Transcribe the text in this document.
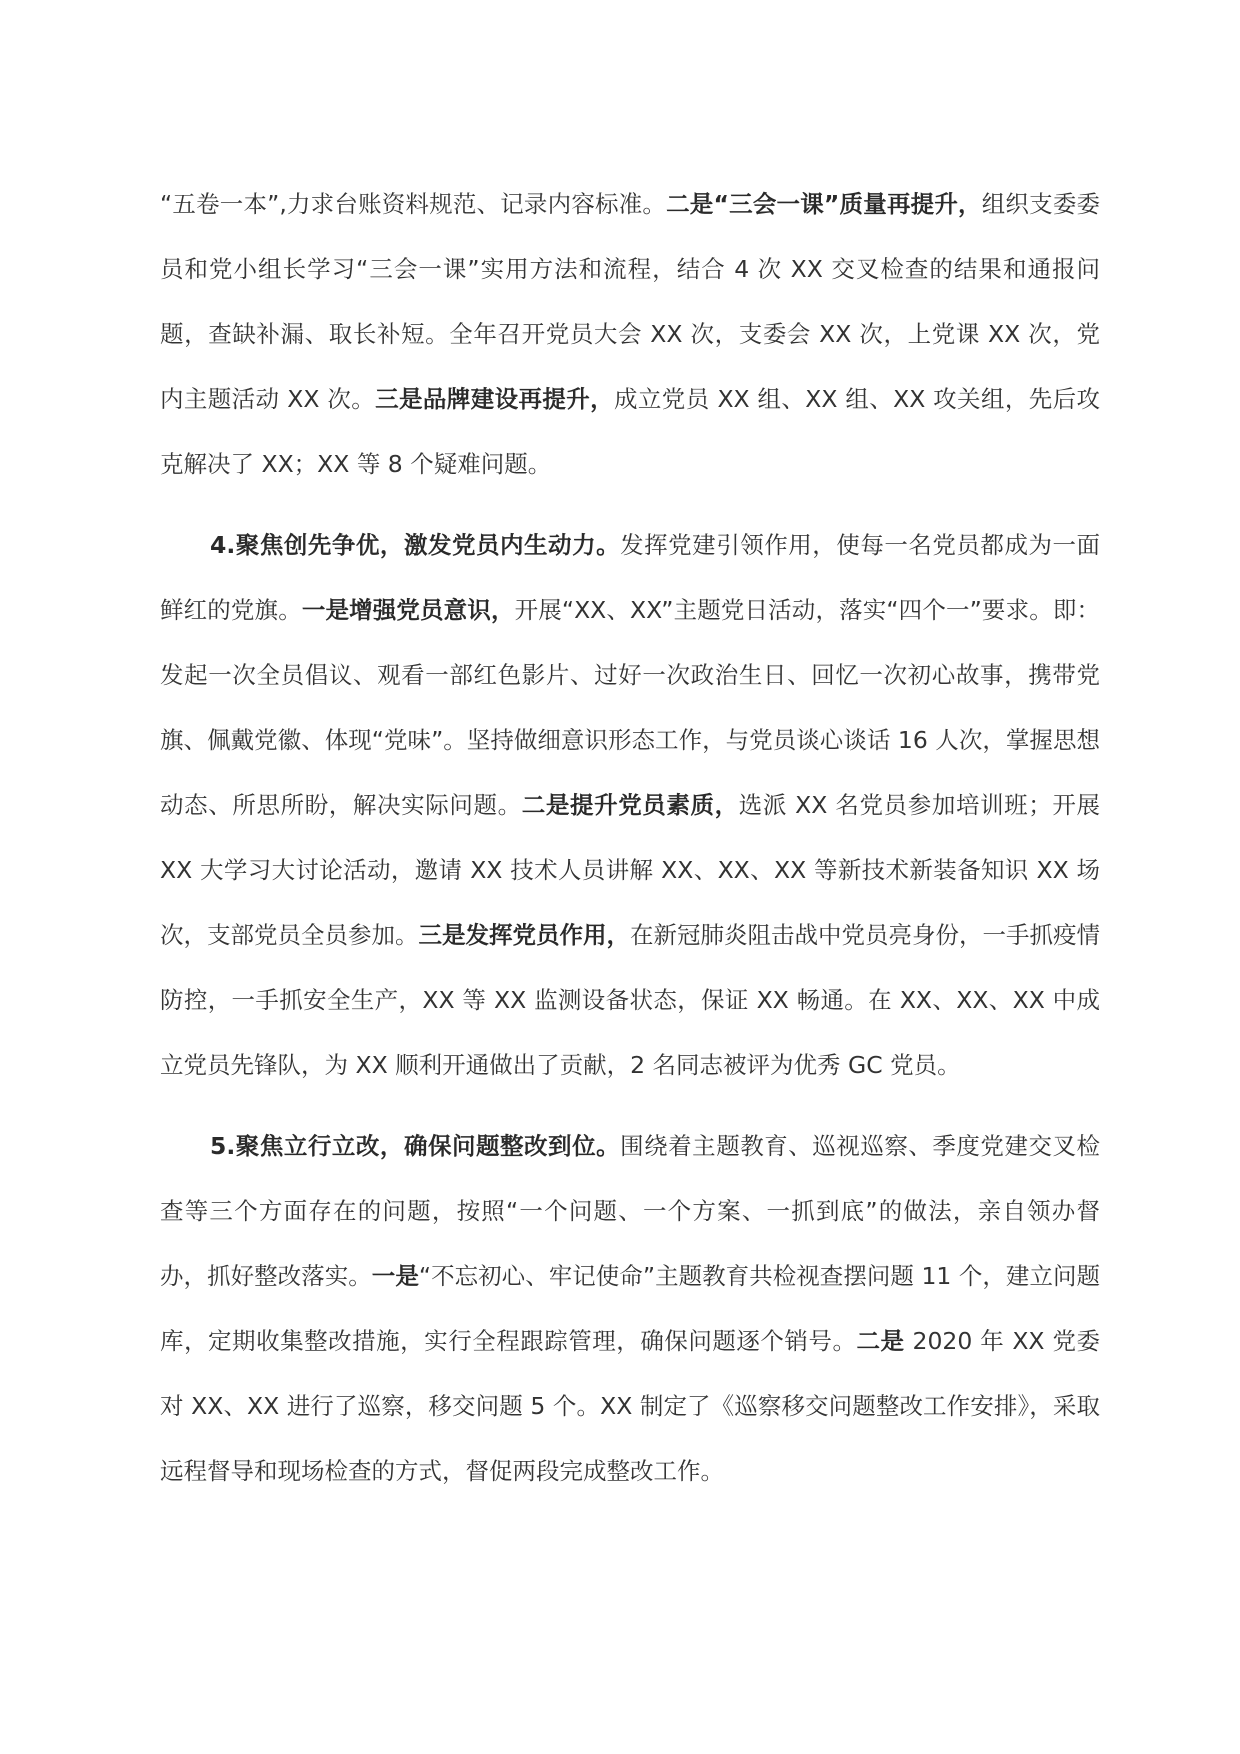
“五卷一本”,力求台账资料规范、记录内容标准。二是“三会一课”质量再提升，组织支委委员和党小组长学习“三会一课”实用方法和流程，结合 4 次 XX 交叉检查的结果和通报问题，查缺补漏、取长补短。全年召开党员大会 XX 次，支委会 XX 次，上党课 XX 次，党内主题活动 XX 次。三是品牌建设再提升，成立党员 XX 组、XX 组、XX 攻关组，先后攻克解决了 XX；XX 等 8 个疑难问题。

4.聚焦创先争优，激发党员内生动力。发挥党建引领作用，使每一名党员都成为一面鲜红的党旗。一是增强党员意识，开展“XX、XX”主题党日活动，落实“四个一”要求。即：发起一次全员倡议、观看一部红色影片、过好一次政治生日、回忆一次初心故事，携带党旗、佩戴党徽、体现“党味”。坚持做细意识形态工作，与党员谈心谈话 16 人次，掌握思想动态、所思所盼，解决实际问题。二是提升党员素质，选派 XX 名党员参加培训班；开展 XX 大学习大讨论活动，邀请 XX 技术人员讲解 XX、XX、XX 等新技术新装备知识 XX 场次，支部党员全员参加。三是发挥党员作用，在新冠肺炎阻击战中党员亮身份，一手抓疫情防控，一手抓安全生产，XX 等 XX 监测设备状态，保证 XX 畅通。在 XX、XX、XX 中成立党员先锋队，为 XX 顺利开通做出了贡献，2 名同志被评为优秀 GC 党员。

5.聚焦立行立改，确保问题整改到位。围绕着主题教育、巡视巡察、季度党建交叉检查等三个方面存在的问题，按照“一个问题、一个方案、一抓到底”的做法，亲自领办督办，抓好整改落实。一是“不忘初心、牢记使命”主题教育共检视查摆问题 11 个，建立问题库，定期收集整改措施，实行全程跟踪管理，确保问题逐个销号。二是 2020 年 XX 党委对 XX、XX 进行了巡察，移交问题 5 个。XX 制定了《巡察移交问题整改工作安排》，采取远程督导和现场检查的方式，督促两段完成整改工作。
